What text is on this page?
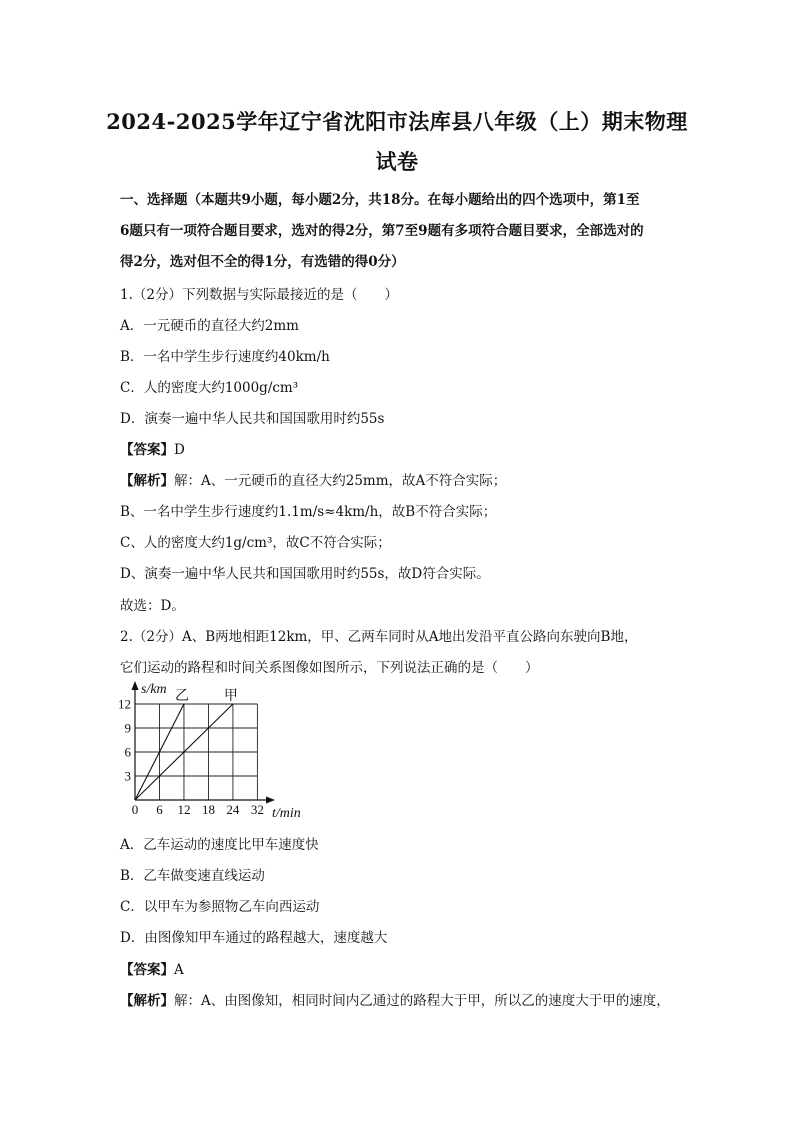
2024-2025学年辽宁省沈阳市法库县八年级（上）期末物理
试卷
一、选择题（本题共9小题，每小题2分，共18分。在每小题给出的四个选项中，第1至
6题只有一项符合题目要求，选对的得2分，第7至9题有多项符合题目要求，全部选对的
得2分，选对但不全的得1分，有选错的得0分）
1.（2分）下列数据与实际最接近的是（　　）
A．一元硬币的直径大约2mm
B．一名中学生步行速度约40km/h
C．人的密度大约1000g/cm³
D．演奏一遍中华人民共和国国歌用时约55s
【答案】D
【解析】解：A、一元硬币的直径大约25mm，故A不符合实际；
B、一名中学生步行速度约1.1m/s≈4km/h，故B不符合实际；
C、人的密度大约1g/cm³，故C不符合实际；
D、演奏一遍中华人民共和国国歌用时约55s，故D符合实际。
故选：D。
2.（2分）A、B两地相距12km，甲、乙两车同时从A地出发沿平直公路向东驶向B地，
它们运动的路程和时间关系图像如图所示，下列说法正确的是（　　）
s/km
t/min
0 6 12 18 24 32
3
6
9
12	乙 甲
A．乙车运动的速度比甲车速度快
B．乙车做变速直线运动
C．以甲车为参照物乙车向西运动
D．由图像知甲车通过的路程越大，速度越大
【答案】A
【解析】解：A、由图像知，相同时间内乙通过的路程大于甲，所以乙的速度大于甲的速度，
